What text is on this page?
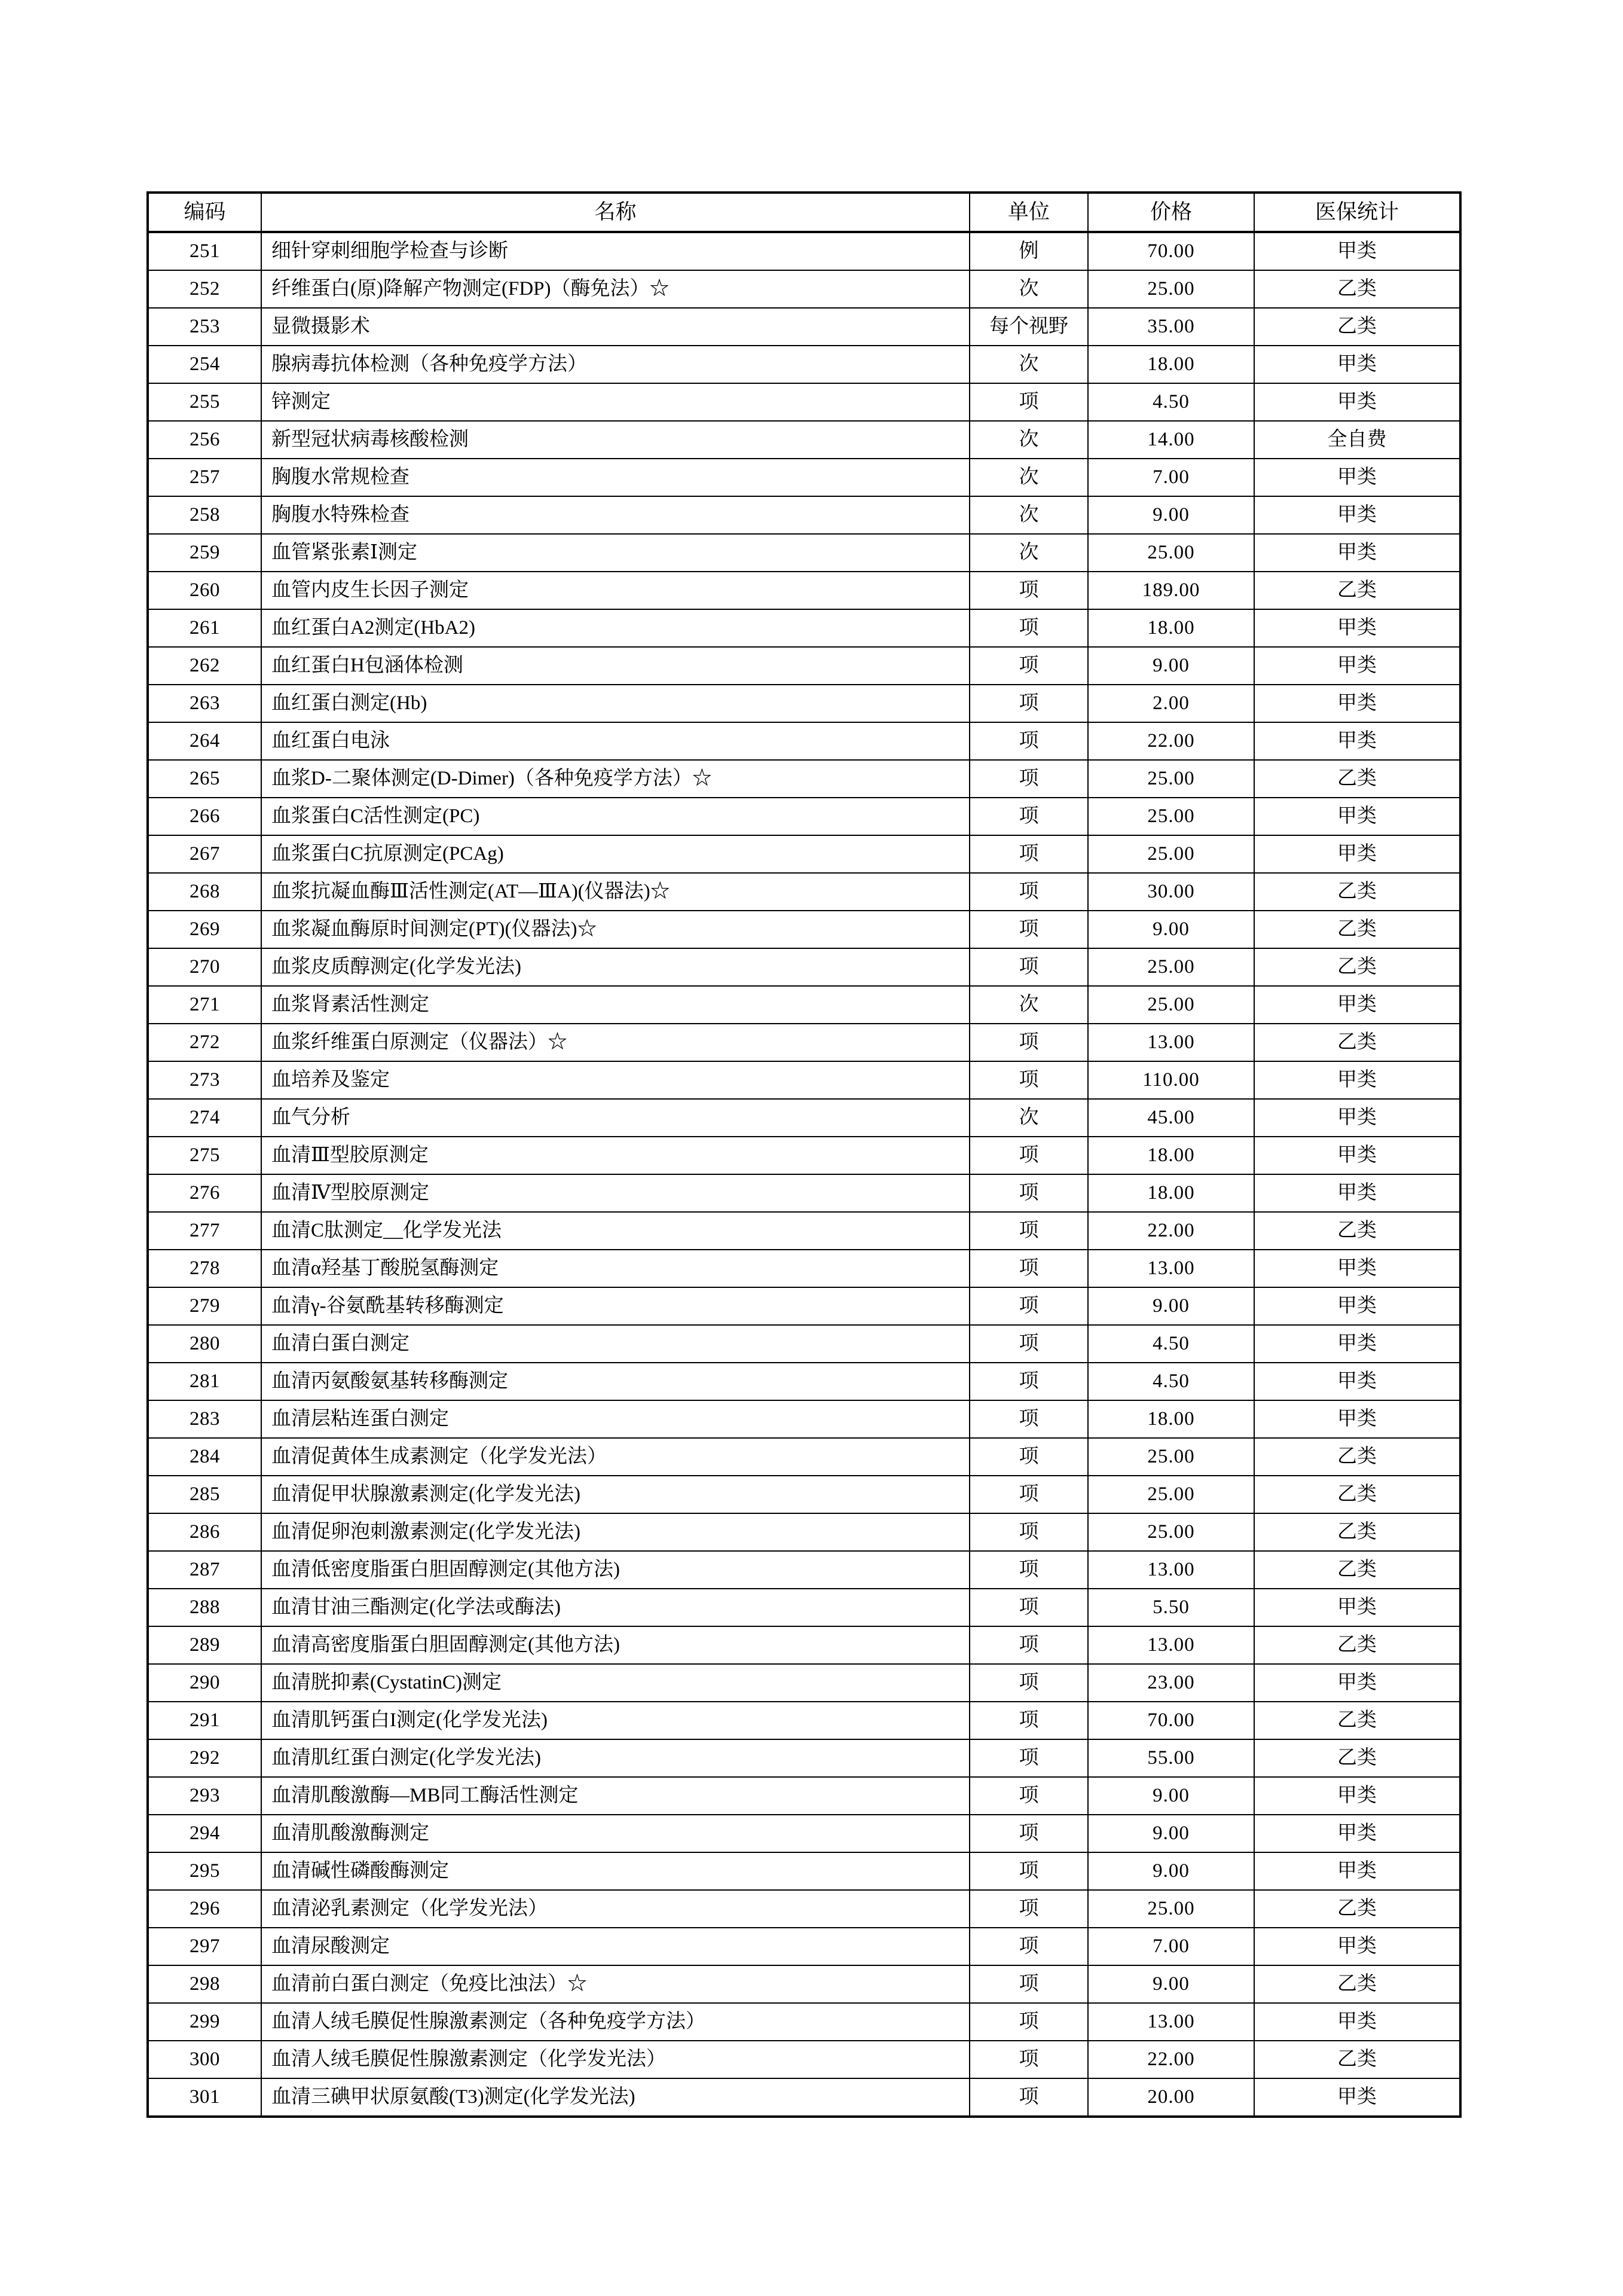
编码	名称	单位	价格	医保统计
251	细针穿刺细胞学检查与诊断	例	70.00	甲类
252	纤维蛋白(原)降解产物测定(FDP)（酶免法）☆	次	25.00	乙类
253	显微摄影术	每个视野	35.00	乙类
254	腺病毒抗体检测（各种免疫学方法）	次	18.00	甲类
255	锌测定	项	4.50	甲类
256	新型冠状病毒核酸检测	次	14.00	全自费
257	胸腹水常规检查	次	7.00	甲类
258	胸腹水特殊检查	次	9.00	甲类
259	血管紧张素Ⅰ测定	次	25.00	甲类
260	血管内皮生长因子测定	项	189.00	乙类
261	血红蛋白A2测定(HbA2)	项	18.00	甲类
262	血红蛋白H包涵体检测	项	9.00	甲类
263	血红蛋白测定(Hb)	项	2.00	甲类
264	血红蛋白电泳	项	22.00	甲类
265	血浆D-二聚体测定(D-Dimer)（各种免疫学方法）☆	项	25.00	乙类
266	血浆蛋白C活性测定(PC)	项	25.00	甲类
267	血浆蛋白C抗原测定(PCAg)	项	25.00	甲类
268	血浆抗凝血酶Ⅲ活性测定(AT—ⅢA)(仪器法)☆	项	30.00	乙类
269	血浆凝血酶原时间测定(PT)(仪器法)☆	项	9.00	乙类
270	血浆皮质醇测定(化学发光法)	项	25.00	乙类
271	血浆肾素活性测定	次	25.00	甲类
272	血浆纤维蛋白原测定（仪器法）☆	项	13.00	乙类
273	血培养及鉴定	项	110.00	甲类
274	血气分析	次	45.00	甲类
275	血清Ⅲ型胶原测定	项	18.00	甲类
276	血清Ⅳ型胶原测定	项	18.00	甲类
277	血清C肽测定__化学发光法	项	22.00	乙类
278	血清α羟基丁酸脱氢酶测定	项	13.00	甲类
279	血清γ-谷氨酰基转移酶测定	项	9.00	甲类
280	血清白蛋白测定	项	4.50	甲类
281	血清丙氨酸氨基转移酶测定	项	4.50	甲类
283	血清层粘连蛋白测定	项	18.00	甲类
284	血清促黄体生成素测定（化学发光法）	项	25.00	乙类
285	血清促甲状腺激素测定(化学发光法)	项	25.00	乙类
286	血清促卵泡刺激素测定(化学发光法)	项	25.00	乙类
287	血清低密度脂蛋白胆固醇测定(其他方法)	项	13.00	乙类
288	血清甘油三酯测定(化学法或酶法)	项	5.50	甲类
289	血清高密度脂蛋白胆固醇测定(其他方法)	项	13.00	乙类
290	血清胱抑素(CystatinC)测定	项	23.00	甲类
291	血清肌钙蛋白I测定(化学发光法)	项	70.00	乙类
292	血清肌红蛋白测定(化学发光法)	项	55.00	乙类
293	血清肌酸激酶—MB同工酶活性测定	项	9.00	甲类
294	血清肌酸激酶测定	项	9.00	甲类
295	血清碱性磷酸酶测定	项	9.00	甲类
296	血清泌乳素测定（化学发光法）	项	25.00	乙类
297	血清尿酸测定	项	7.00	甲类
298	血清前白蛋白测定（免疫比浊法）☆	项	9.00	乙类
299	血清人绒毛膜促性腺激素测定（各种免疫学方法）	项	13.00	甲类
300	血清人绒毛膜促性腺激素测定（化学发光法）	项	22.00	乙类
301	血清三碘甲状原氨酸(T3)测定(化学发光法)	项	20.00	甲类
